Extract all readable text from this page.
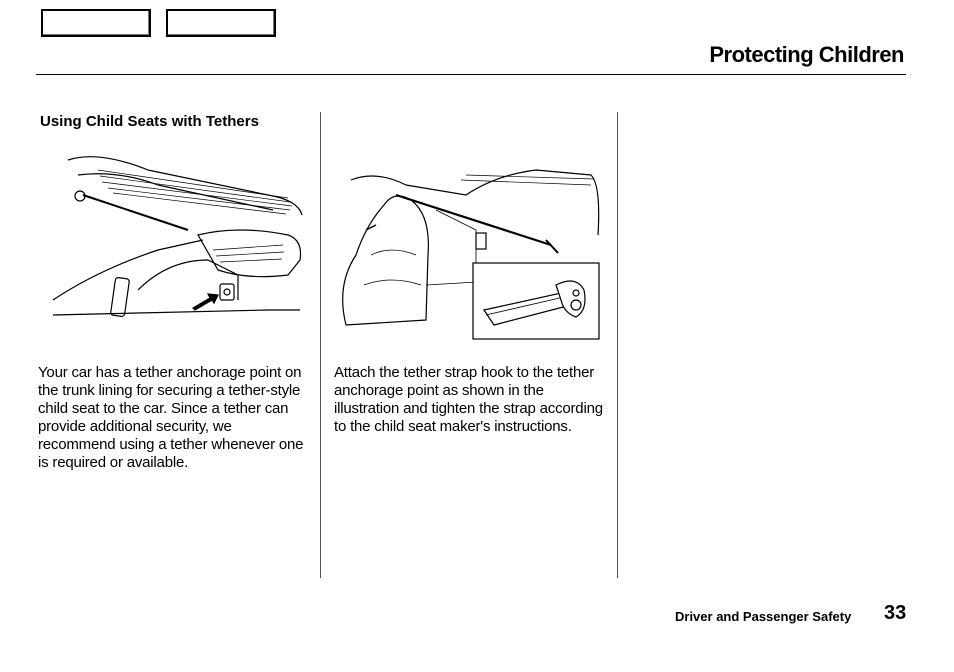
Protecting Children
Using Child Seats with Tethers
Your car has a tether anchorage point on the trunk lining for securing a tether-style child seat to the car. Since a tether can provide additional security, we recommend using a tether whenever one is required or available.
Attach the tether strap hook to the tether anchorage point as shown in the illustration and tighten the strap according to the child seat maker's instructions.
Driver and Passenger Safety 33
